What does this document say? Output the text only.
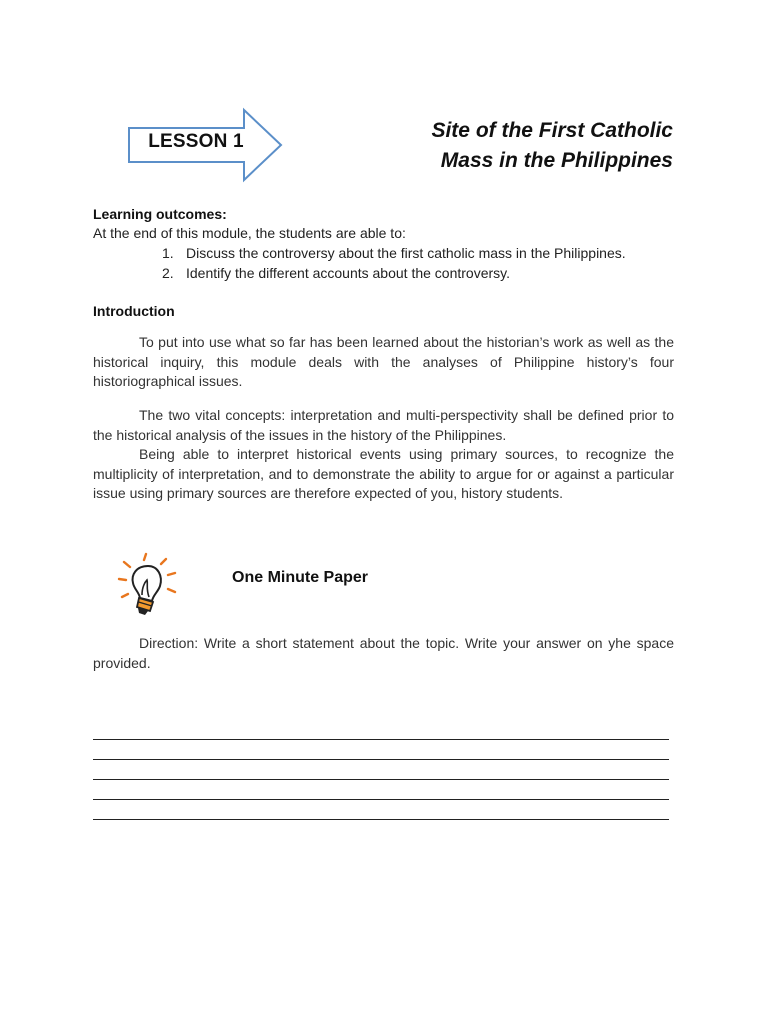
LESSON 1	Site of the First Catholic
Mass in the Philippines
Learning outcomes:
At the end of this module, the students are able to:
1. Discuss the controversy about the first catholic mass in the Philippines.
2. Identify the different accounts about the controversy.
Introduction
To put into use what so far has been learned about the historian’s work as well as the historical inquiry, this module deals with the analyses of Philippine history’s four historiographical issues.
The two vital concepts: interpretation and multi-perspectivity shall be defined prior to the historical analysis of the issues in the history of the Philippines.
Being able to interpret historical events using primary sources, to recognize the multiplicity of interpretation, and to demonstrate the ability to argue for or against a particular issue using primary sources are therefore expected of you, history students.
One Minute Paper
Direction: Write a short statement about the topic. Write your answer on yhe space provided.
